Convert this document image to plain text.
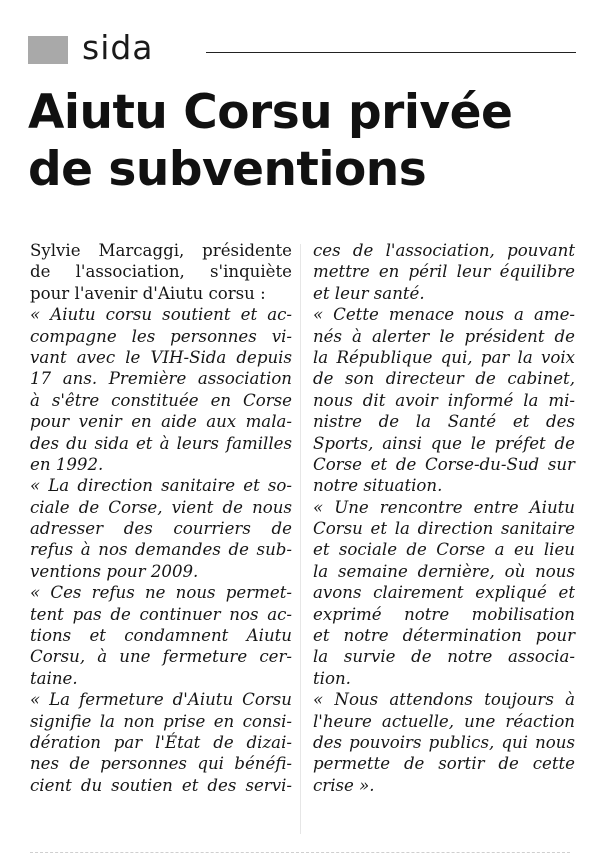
sida
Aiutu Corsu privée
de subventions
Sylvie Marcaggi, présidente
de l'association, s'inquiète
pour l'avenir d'Aiutu corsu :
« Aiutu corsu soutient et ac-
compagne les personnes vi-
vant avec le VIH-Sida depuis
17 ans. Première association
à s'être constituée en Corse
pour venir en aide aux mala-
des du sida et à leurs familles
en 1992.
« La direction sanitaire et so-
ciale de Corse, vient de nous
adresser des courriers de
refus à nos demandes de sub-
ventions pour 2009.
« Ces refus ne nous permet-
tent pas de continuer nos ac-
tions et condamnent Aiutu
Corsu, à une fermeture cer-
taine.
« La fermeture d'Aiutu Corsu
signifie la non prise en consi-
dération par l'État de dizai-
nes de personnes qui bénéfi-
cient du soutien et des servi-
ces de l'association, pouvant
mettre en péril leur équilibre
et leur santé.
« Cette menace nous a ame-
nés à alerter le président de
la République qui, par la voix
de son directeur de cabinet,
nous dit avoir informé la mi-
nistre de la Santé et des
Sports, ainsi que le préfet de
Corse et de Corse-du-Sud sur
notre situation.
« Une rencontre entre Aiutu
Corsu et la direction sanitaire
et sociale de Corse a eu lieu
la semaine dernière, où nous
avons clairement expliqué et
exprimé notre mobilisation
et notre détermination pour
la survie de notre associa-
tion.
« Nous attendons toujours à
l'heure actuelle, une réaction
des pouvoirs publics, qui nous
permette de sortir de cette
crise ».
